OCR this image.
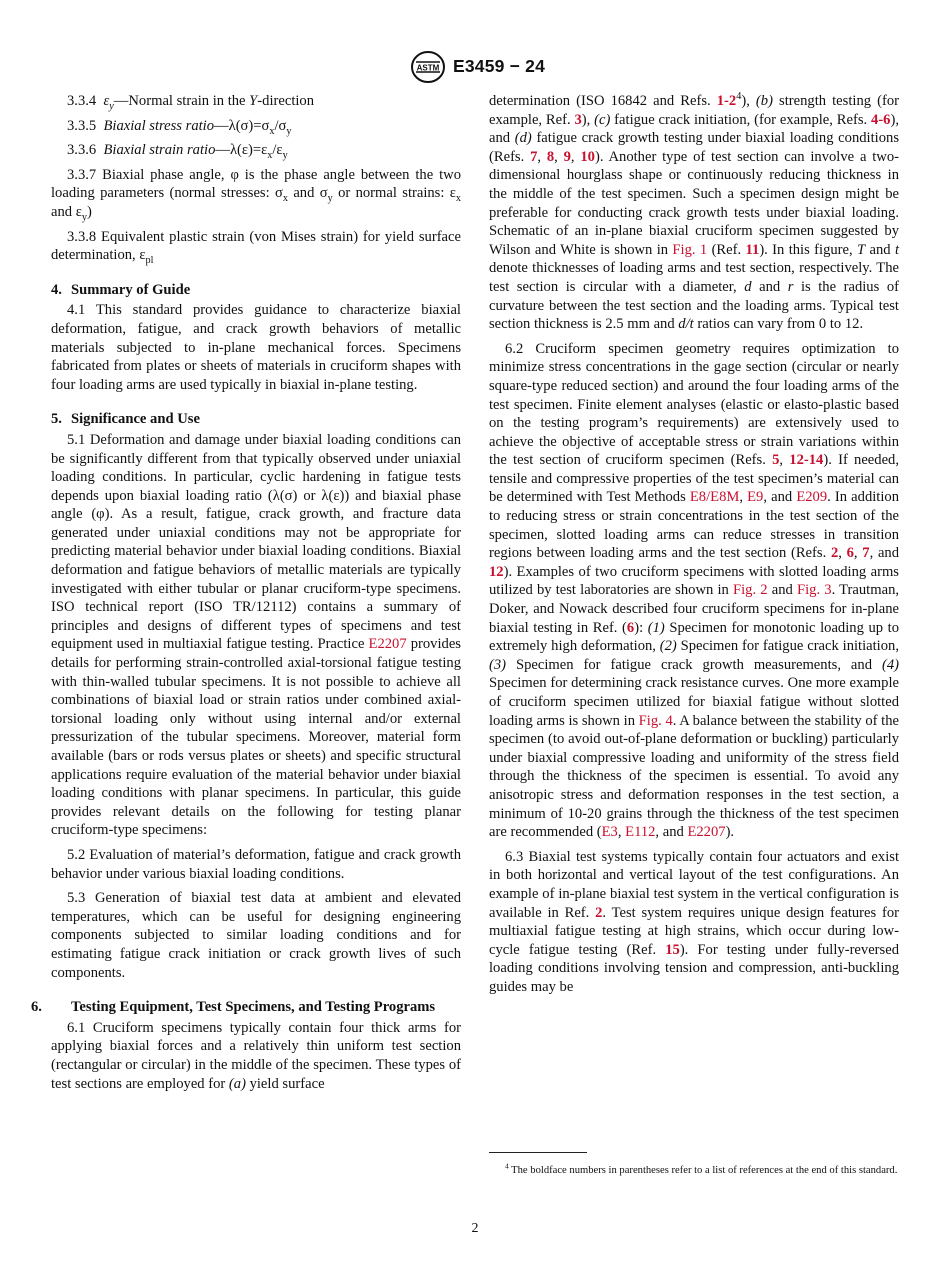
ASTM E3459 − 24

3.3.4 $\varepsilon_y—Normal$ strain in the Y-direction

3.3.5 Biaxial stress $ratio—\lambda(\sigma)=\sigma_x/\sigma_y$

3.3.6 Biaxial strain $ratio—\lambda(\varepsilon)=\varepsilon_x/\varepsilon_y$

3.3.7 Biaxial phase angle, φ is the phase angle between the two loading parameters (normal stresses: $\sigma_x$ and $\sigma_y$ or normal strains: $\varepsilon_x$ and $\varepsilon_y$)

3.3.8 Equivalent plastic strain (von Mises strain) for yield surface determination, $\varepsilon_{pl}$

4. Summary of Guide

4.1 This standard provides guidance to characterize biaxial deformation, fatigue, and crack growth behaviors of metallic materials subjected to in-plane mechanical forces. Specimens fabricated from plates or sheets of materials in cruciform shapes with four loading arms are used typically in biaxial in-plane testing.

5. Significance and Use

5.1 Deformation and damage under biaxial loading conditions can be significantly different from that typically observed under uniaxial loading conditions. In particular, cyclic hardening in fatigue tests depends upon biaxial loading ratio (λ(σ) or λ(ε)) and biaxial phase angle (φ). As a result, fatigue, crack growth, and fracture data generated under uniaxial conditions may not be appropriate for predicting material behavior under biaxial loading conditions. Biaxial deformation and fatigue behaviors of metallic materials are typically investigated with either tubular or planar cruciform-type specimens. ISO technical report (ISO TR/12112) contains a summary of principles and designs of different types of specimens and test equipment used in multiaxial fatigue testing. Practice E2207 provides details for performing strain-controlled axial-torsional fatigue testing with thin-walled tubular specimens. It is not possible to achieve all combinations of biaxial load or strain ratios under combined axial-torsional loading only without using internal and/or external pressurization of the tubular specimens. Moreover, material form available (bars or rods versus plates or sheets) and specific structural applications require evaluation of the material behavior under biaxial loading conditions with planar specimens. In particular, this guide provides relevant details on the following for testing planar cruciform-type specimens:

5.2 Evaluation of material’s deformation, fatigue and crack growth behavior under various biaxial loading conditions.

5.3 Generation of biaxial test data at ambient and elevated temperatures, which can be useful for designing engineering components subjected to similar loading conditions and for estimating fatigue crack initiation or crack growth lives of such components.

6. Testing Equipment, Test Specimens, and Testing Programs

6.1 Cruciform specimens typically contain four thick arms for applying biaxial forces and a relatively thin uniform test section (rectangular or circular) in the middle of the specimen. These types of test sections are employed for (a) yield surface

determination (ISO 16842 and Refs. $1-2^4$), (b) strength testing (for example, Ref. 3), (c) fatigue crack initiation, (for example, Refs. 4-6), and (d) fatigue crack growth testing under biaxial loading conditions (Refs. 7, 8, 9, 10). Another type of test section can involve a two-dimensional hourglass shape or continuously reducing thickness in the middle of the test specimen. Such a specimen design might be preferable for conducting crack growth tests under biaxial loading. Schematic of an in-plane biaxial cruciform specimen suggested by Wilson and White is shown in Fig. 1 (Ref. 11). In this figure, T and t denote thicknesses of loading arms and test section, respectively. The test section is circular with a diameter, d and r is the radius of curvature between the test section and the loading arms. Typical test section thickness is 2.5 mm and d/t ratios can vary from 0 to 12.

6.2 Cruciform specimen geometry requires optimization to minimize stress concentrations in the gage section (circular or nearly square-type reduced section) and around the four loading arms of the test specimen. Finite element analyses (elastic or elasto-plastic based on the testing program’s requirements) are extensively used to achieve the objective of acceptable stress or strain variations within the test section of cruciform specimen (Refs. 5, 12-14). If needed, tensile and compressive properties of the test specimen’s material can be determined with Test Methods E8/E8M, E9, and E209. In addition to reducing stress or strain concentrations in the test section of the specimen, slotted loading arms can reduce stresses in transition regions between loading arms and the test section (Refs. 2, 6, 7, and 12). Examples of two cruciform specimens with slotted loading arms utilized by test laboratories are shown in Fig. 2 and Fig. 3. Trautman, Doker, and Nowack described four cruciform specimens for in-plane biaxial testing in Ref. (6): (1) Specimen for monotonic loading up to extremely high deformation, (2) Specimen for fatigue crack initiation, (3) Specimen for fatigue crack growth measurements, and (4) Specimen for determining crack resistance curves. One more example of cruciform specimen utilized for biaxial fatigue without slotted loading arms is shown in Fig. 4. A balance between the stability of the specimen (to avoid out-of-plane deformation or buckling) particularly under biaxial compressive loading and uniformity of the stress field through the thickness of the specimen is essential. To avoid any anisotropic stress and deformation responses in the test section, a minimum of 10-20 grains through the thickness of the test specimen are recommended (E3, E112, and E2207).

6.3 Biaxial test systems typically contain four actuators and exist in both horizontal and vertical layout of the test configurations. An example of in-plane biaxial test system in the vertical configuration is available in Ref. 2. Test system requires unique design features for multiaxial fatigue testing at high strains, which occur during low-cycle fatigue testing (Ref. 15). For testing under fully-reversed loading conditions involving tension and compression, anti-buckling guides may be

$^4$ The boldface numbers in parentheses refer to a list of references at the end of this standard.
2
